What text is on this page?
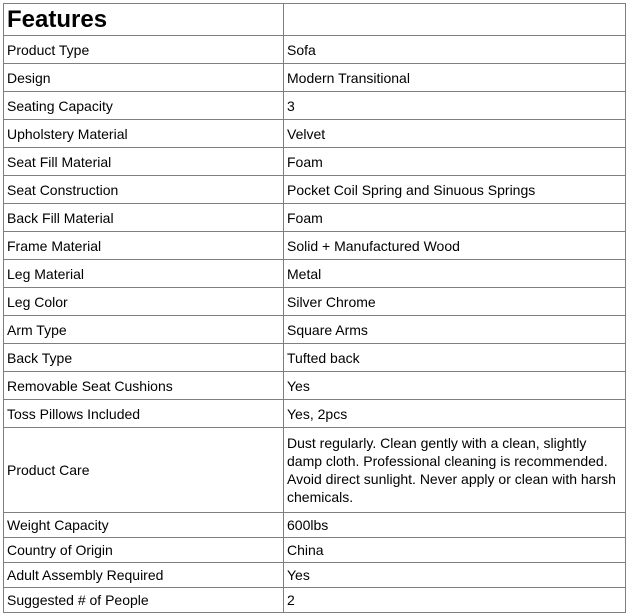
Features	
Product Type	Sofa
Design	Modern Transitional
Seating Capacity	3
Upholstery Material	Velvet
Seat Fill Material	Foam
Seat Construction	Pocket Coil Spring and Sinuous Springs
Back Fill Material	Foam
Frame Material	Solid + Manufactured Wood
Leg Material	Metal
Leg Color	Silver Chrome
Arm Type	Square Arms
Back Type	Tufted back
Removable Seat Cushions	Yes
Toss Pillows Included	Yes, 2pcs
Product Care	Dust regularly. Clean gently with a clean, slightly damp cloth. Professional cleaning is recommended. Avoid direct sunlight. Never apply or clean with harsh chemicals.
Weight Capacity	600lbs
Country of Origin	China
Adult Assembly Required	Yes
Suggested # of People	2
